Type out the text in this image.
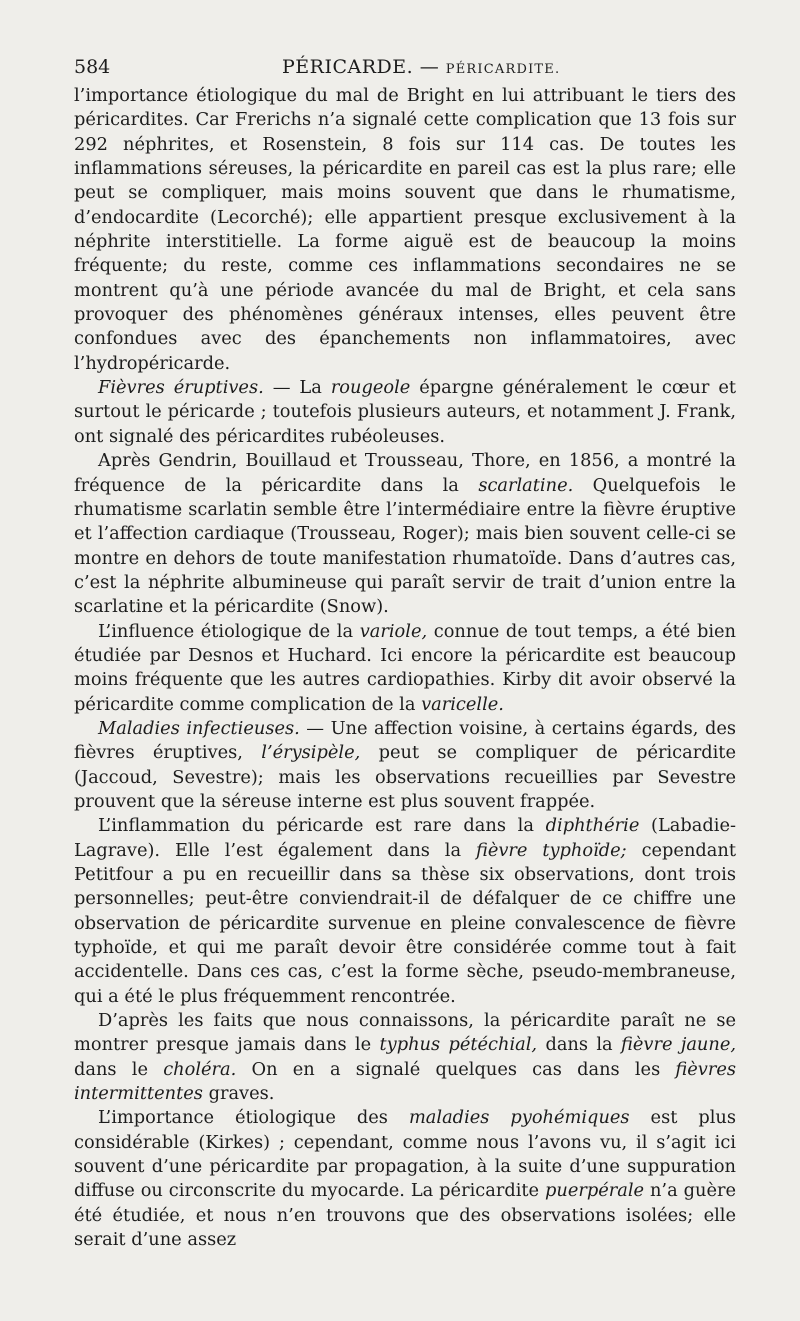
584	PÉRICARDE. — PÉRICARDITE.

l’importance étiologique du mal de Bright en lui attribuant le tiers des péricardites. Car Frerichs n’a signalé cette complication que 13 fois sur 292 néphrites, et Rosenstein, 8 fois sur 114 cas. De toutes les inflammations séreuses, la péricardite en pareil cas est la plus rare; elle peut se compliquer, mais moins souvent que dans le rhumatisme, d’endocardite (Lecorché); elle appartient presque exclusivement à la néphrite interstitielle. La forme aiguë est de beaucoup la moins fréquente; du reste, comme ces inflammations secondaires ne se montrent qu’à une période avancée du mal de Bright, et cela sans provoquer des phénomènes généraux intenses, elles peuvent être confondues avec des épanchements non inflammatoires, avec l’hydropéricarde.

Fièvres éruptives. — La rougeole épargne généralement le cœur et surtout le péricarde ; toutefois plusieurs auteurs, et notamment J. Frank, ont signalé des péricardites rubéoleuses.

Après Gendrin, Bouillaud et Trousseau, Thore, en 1856, a montré la fréquence de la péricardite dans la scarlatine. Quelquefois le rhumatisme scarlatin semble être l’intermédiaire entre la fièvre éruptive et l’affection cardiaque (Trousseau, Roger); mais bien souvent celle-ci se montre en dehors de toute manifestation rhumatoïde. Dans d’autres cas, c’est la néphrite albumineuse qui paraît servir de trait d’union entre la scarlatine et la péricardite (Snow).

L’influence étiologique de la variole, connue de tout temps, a été bien étudiée par Desnos et Huchard. Ici encore la péricardite est beaucoup moins fréquente que les autres cardiopathies. Kirby dit avoir observé la péricardite comme complication de la varicelle.

Maladies infectieuses. — Une affection voisine, à certains égards, des fièvres éruptives, l’érysipèle, peut se compliquer de péricardite (Jaccoud, Sevestre); mais les observations recueillies par Sevestre prouvent que la séreuse interne est plus souvent frappée.

L’inflammation du péricarde est rare dans la diphthérie (Labadie-Lagrave). Elle l’est également dans la fièvre typhoïde; cependant Petitfour a pu en recueillir dans sa thèse six observations, dont trois personnelles; peut-être conviendrait-il de défalquer de ce chiffre une observation de péricardite survenue en pleine convalescence de fièvre typhoïde, et qui me paraît devoir être considérée comme tout à fait accidentelle. Dans ces cas, c’est la forme sèche, pseudo-membraneuse, qui a été le plus fréquemment rencontrée.

D’après les faits que nous connaissons, la péricardite paraît ne se montrer presque jamais dans le typhus pétéchial, dans la fièvre jaune, dans le choléra. On en a signalé quelques cas dans les fièvres intermittentes graves.

L’importance étiologique des maladies pyohémiques est plus considérable (Kirkes) ; cependant, comme nous l’avons vu, il s’agit ici souvent d’une péricardite par propagation, à la suite d’une suppuration diffuse ou circonscrite du myocarde. La péricardite puerpérale n’a guère été étudiée, et nous n’en trouvons que des observations isolées; elle serait d’une assez
